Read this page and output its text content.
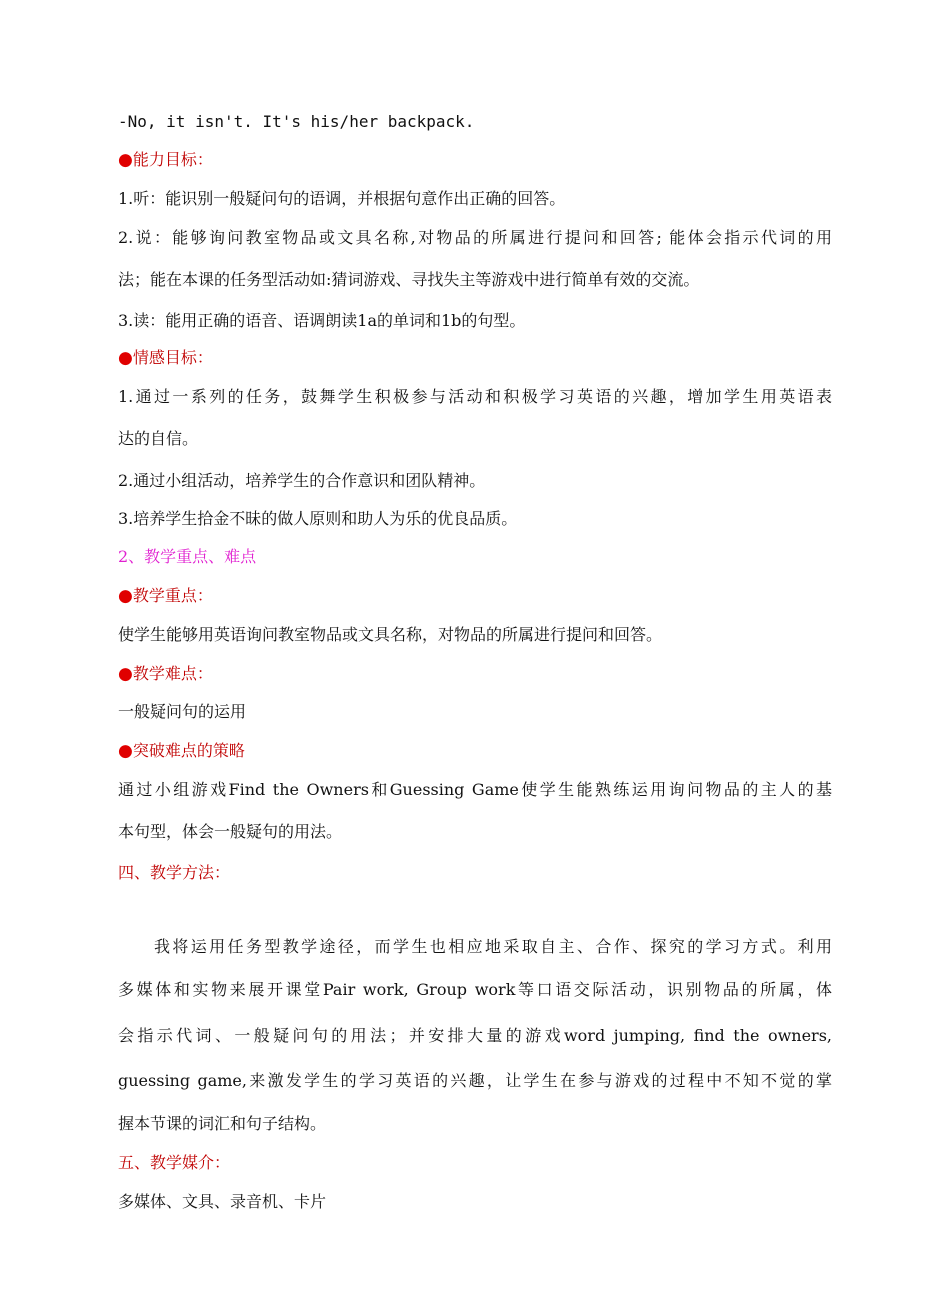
-No, it isn't. It's his/her backpack.
●能力目标：
1.听：能识别一般疑问句的语调，并根据句意作出正确的回答。
2.说：能够询问教室物品或文具名称,对物品的所属进行提问和回答; 能体会指示代词的用
法；能在本课的任务型活动如:猜词游戏、寻找失主等游戏中进行简单有效的交流。
3.读：能用正确的语音、语调朗读1a的单词和1b的句型。
●情感目标：
1.通过一系列的任务，鼓舞学生积极参与活动和积极学习英语的兴趣，增加学生用英语表
达的自信。
2.通过小组活动，培养学生的合作意识和团队精神。
3.培养学生拾金不昧的做人原则和助人为乐的优良品质。
2、教学重点、难点
●教学重点：
使学生能够用英语询问教室物品或文具名称，对物品的所属进行提问和回答。
●教学难点：
一般疑问句的运用
●突破难点的策略
通过小组游戏Find the Owners和Guessing Game使学生能熟练运用询问物品的主人的基
本句型，体会一般疑句的用法。
四、教学方法：
我将运用任务型教学途径，而学生也相应地采取自主、合作、探究的学习方式。利用
多媒体和实物来展开课堂Pair work, Group work等口语交际活动，识别物品的所属，体
会指示代词、一般疑问句的用法；并安排大量的游戏word jumping, find the owners,
guessing game,来激发学生的学习英语的兴趣，让学生在参与游戏的过程中不知不觉的掌
握本节课的词汇和句子结构。
五、教学媒介：
多媒体、文具、录音机、卡片
